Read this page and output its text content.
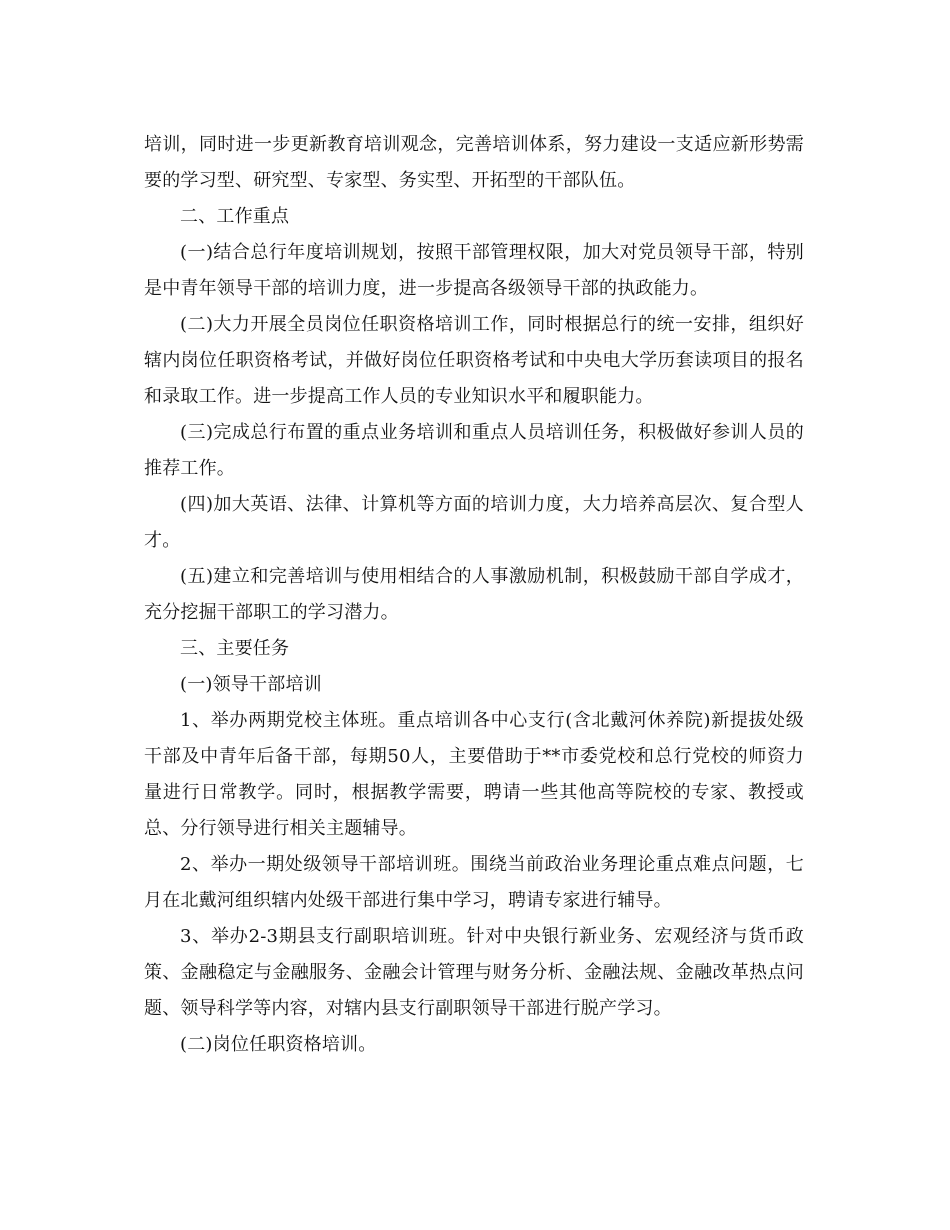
培训，同时进一步更新教育培训观念，完善培训体系，努力建设一支适应新形势需要的学习型、研究型、专家型、务实型、开拓型的干部队伍。

二、工作重点

(一)结合总行年度培训规划，按照干部管理权限，加大对党员领导干部，特别是中青年领导干部的培训力度，进一步提高各级领导干部的执政能力。

(二)大力开展全员岗位任职资格培训工作，同时根据总行的统一安排，组织好辖内岗位任职资格考试，并做好岗位任职资格考试和中央电大学历套读项目的报名和录取工作。进一步提高工作人员的专业知识水平和履职能力。

(三)完成总行布置的重点业务培训和重点人员培训任务，积极做好参训人员的推荐工作。

(四)加大英语、法律、计算机等方面的培训力度，大力培养高层次、复合型人才。

(五)建立和完善培训与使用相结合的人事激励机制，积极鼓励干部自学成才，充分挖掘干部职工的学习潜力。

三、主要任务

(一)领导干部培训

1、举办两期党校主体班。重点培训各中心支行(含北戴河休养院)新提拔处级干部及中青年后备干部，每期50人，主要借助于**市委党校和总行党校的师资力量进行日常教学。同时，根据教学需要，聘请一些其他高等院校的专家、教授或总、分行领导进行相关主题辅导。

2、举办一期处级领导干部培训班。围绕当前政治业务理论重点难点问题，七月在北戴河组织辖内处级干部进行集中学习，聘请专家进行辅导。

3、举办2-3期县支行副职培训班。针对中央银行新业务、宏观经济与货币政策、金融稳定与金融服务、金融会计管理与财务分析、金融法规、金融改革热点问题、领导科学等内容，对辖内县支行副职领导干部进行脱产学习。

(二)岗位任职资格培训。
